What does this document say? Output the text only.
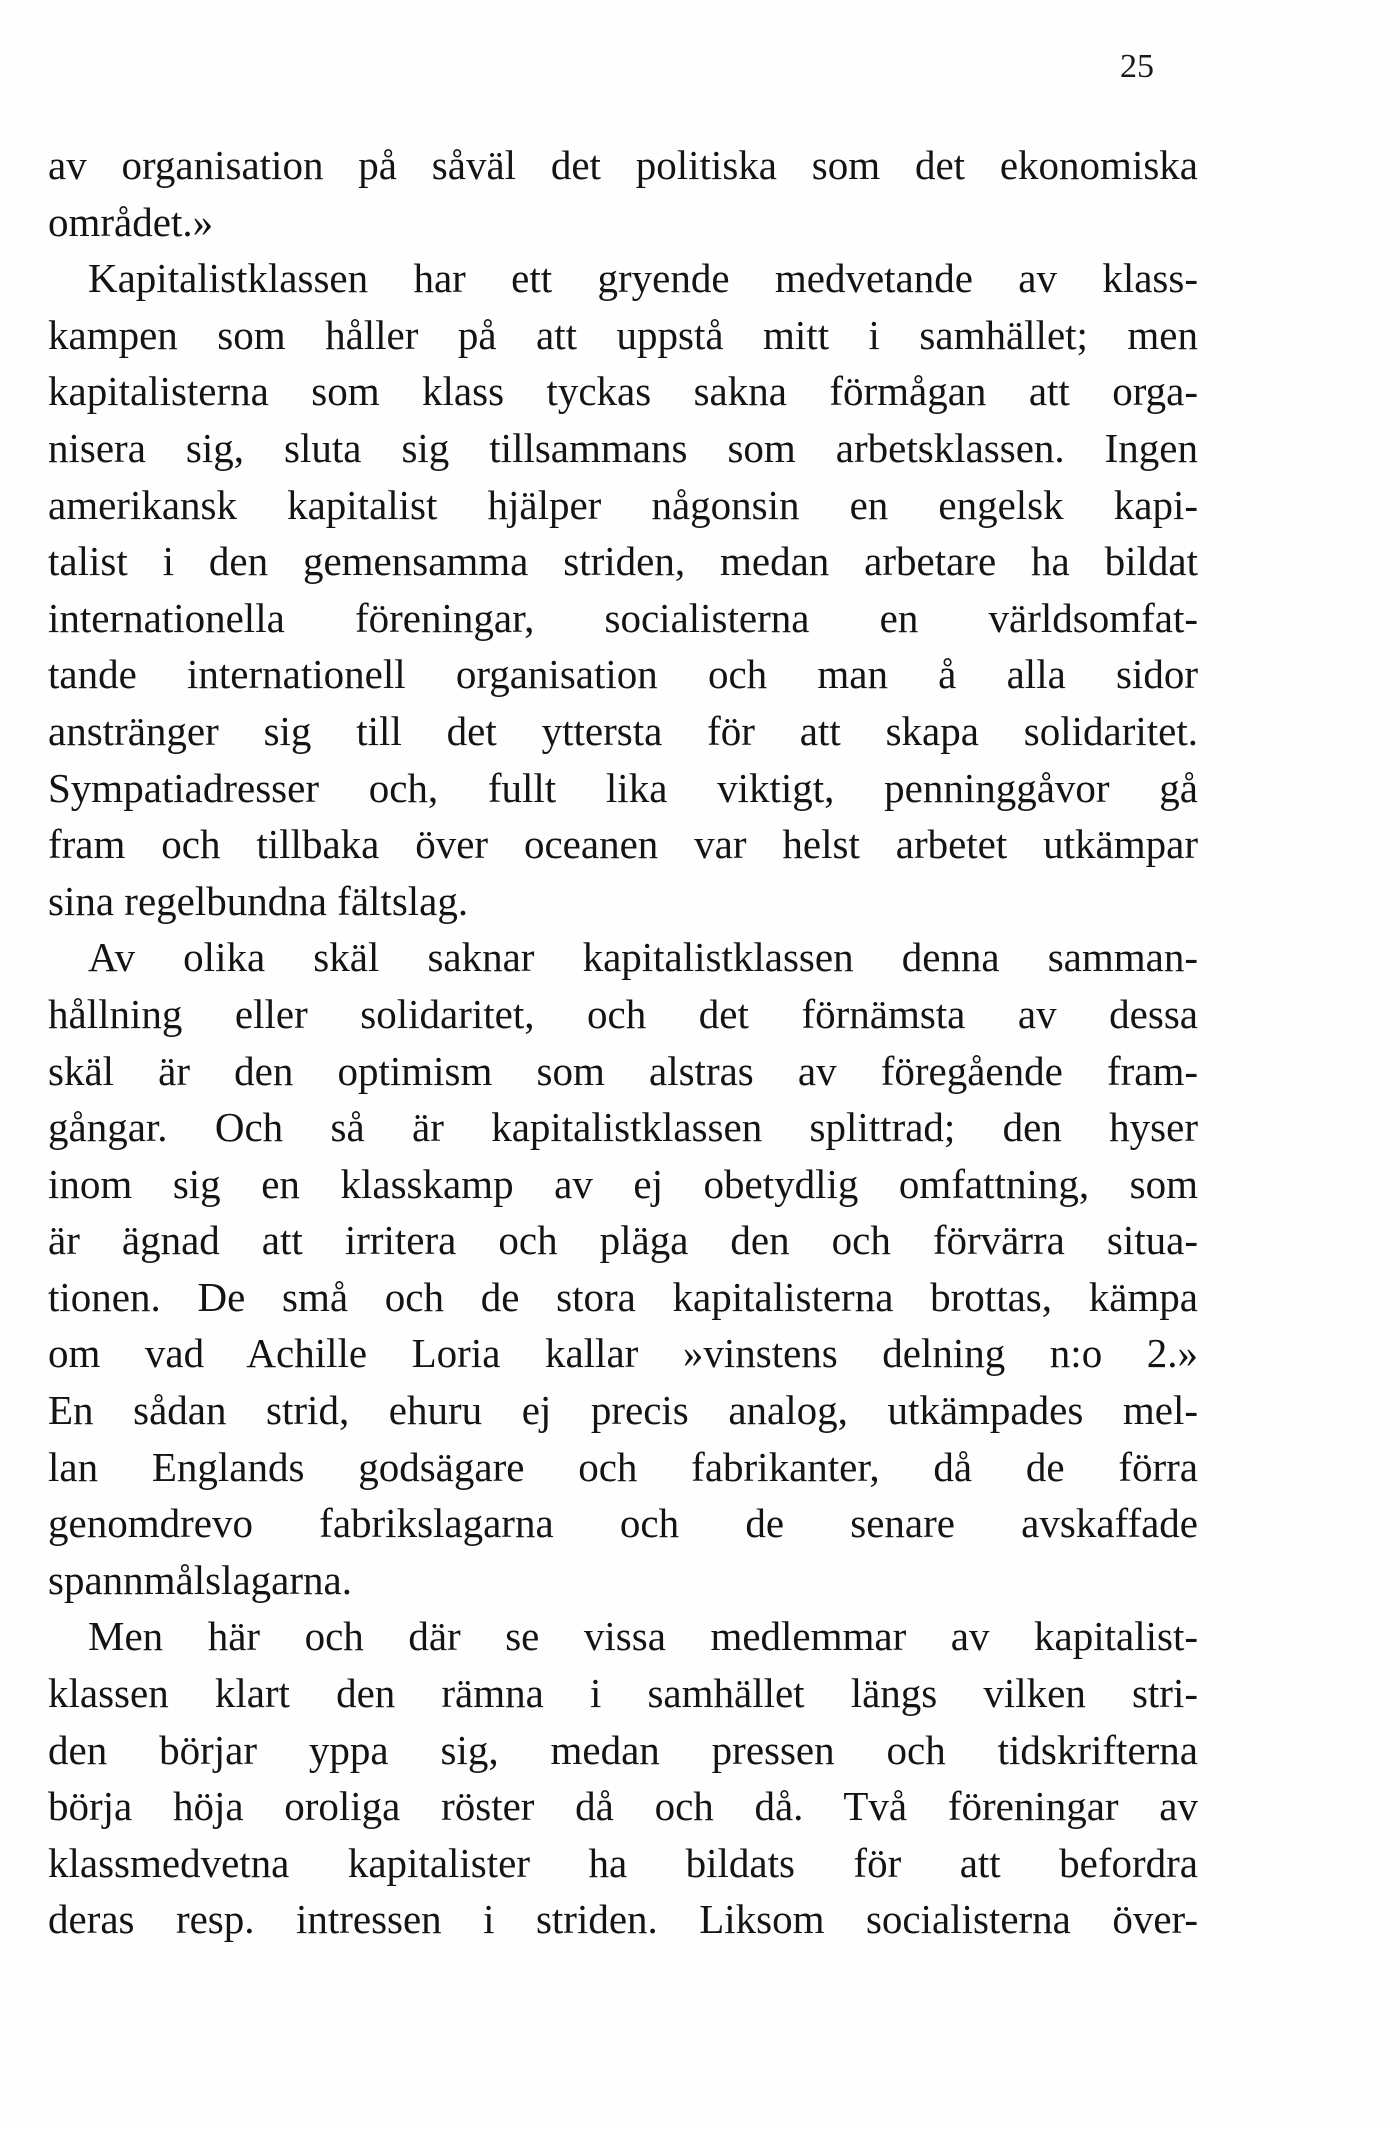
25
av organisation på såväl det politiska som det ekonomiska
området.»
Kapitalistklassen har ett gryende medvetande av klass-
kampen som håller på att uppstå mitt i samhället; men
kapitalisterna som klass tyckas sakna förmågan att orga-
nisera sig, sluta sig tillsammans som arbetsklassen. Ingen
amerikansk kapitalist hjälper någonsin en engelsk kapi-
talist i den gemensamma striden, medan arbetare ha bildat
internationella föreningar, socialisterna en världsomfat-
tande internationell organisation och man å alla sidor
anstränger sig till det yttersta för att skapa solidaritet.
Sympatiadresser och, fullt lika viktigt, penninggåvor gå
fram och tillbaka över oceanen var helst arbetet utkämpar
sina regelbundna fältslag.
Av olika skäl saknar kapitalistklassen denna samman-
hållning eller solidaritet, och det förnämsta av dessa
skäl är den optimism som alstras av föregående fram-
gångar. Och så är kapitalistklassen splittrad; den hyser
inom sig en klasskamp av ej obetydlig omfattning, som
är ägnad att irritera och pläga den och förvärra situa-
tionen. De små och de stora kapitalisterna brottas, kämpa
om vad Achille Loria kallar »vinstens delning n:o 2.»
En sådan strid, ehuru ej precis analog, utkämpades mel-
lan Englands godsägare och fabrikanter, då de förra
genomdrevo fabrikslagarna och de senare avskaffade
spannmålslagarna.
Men här och där se vissa medlemmar av kapitalist-
klassen klart den rämna i samhället längs vilken stri-
den börjar yppa sig, medan pressen och tidskrifterna
börja höja oroliga röster då och då. Två föreningar av
klassmedvetna kapitalister ha bildats för att befordra
deras resp. intressen i striden. Liksom socialisterna över-
